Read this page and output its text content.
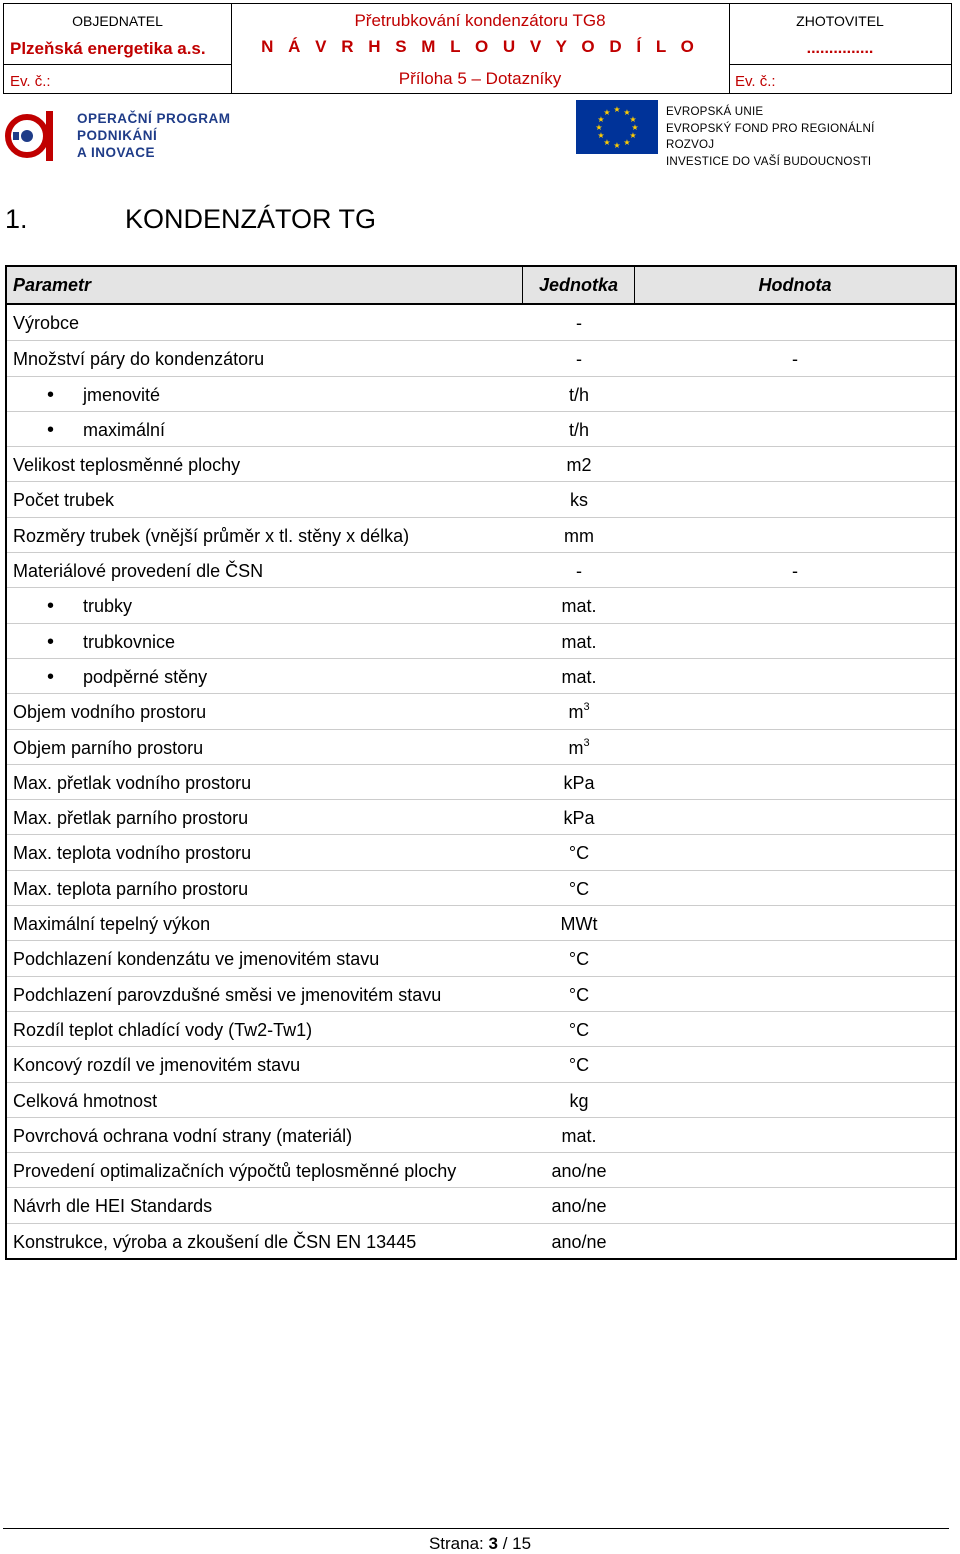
OBJEDNATEL
Plzeňská energetika a.s.
Ev. č.:
Přetrubkování kondenzátoru TG8
N Á V R H S M L O U V Y O D Í L O
Příloha 5 – Dotazníky
ZHOTOVITEL
...............
Ev. č.:
OPERAČNÍ PROGRAM
PODNIKÁNÍ
A INOVACE
★ ★
★
★
★
★
★
★
★
★
★
★	EVROPSKÁ UNIE
EVROPSKÝ FOND PRO REGIONÁLNÍ ROZVOJ
INVESTICE DO VAŠÍ BUDOUCNOSTI
1.	KONDENZÁTOR TG
Parametr	Jednotka	Hodnota
Výrobce	-
Množství páry do kondenzátoru	-	-
• jmenovité	t/h
• maximální	t/h
Velikost teplosměnné plochy	m2
Počet trubek	ks
Rozměry trubek (vnější průměr x tl. stěny x délka)	mm
Materiálové provedení dle ČSN	-	-
• trubky	mat.
• trubkovnice	mat.
• podpěrné stěny	mat.
Objem vodního prostoru	$m^3$
Objem parního prostoru	$m^3$
Max. přetlak vodního prostoru	kPa
Max. přetlak parního prostoru	kPa
Max. teplota vodního prostoru	°C
Max. teplota parního prostoru	°C
Maximální tepelný výkon	MWt
Podchlazení kondenzátu ve jmenovitém stavu	°C
Podchlazení parovzdušné směsi ve jmenovitém stavu	°C
Rozdíl teplot chladící vody (Tw2-Tw1)	°C
Koncový rozdíl ve jmenovitém stavu	°C
Celková hmotnost	kg
Povrchová ochrana vodní strany (materiál)	mat.
Provedení optimalizačních výpočtů teplosměnné plochy	ano/ne
Návrh dle HEI Standards	ano/ne
Konstrukce, výroba a zkoušení dle ČSN EN 13445	ano/ne
Strana: 3 / 15
